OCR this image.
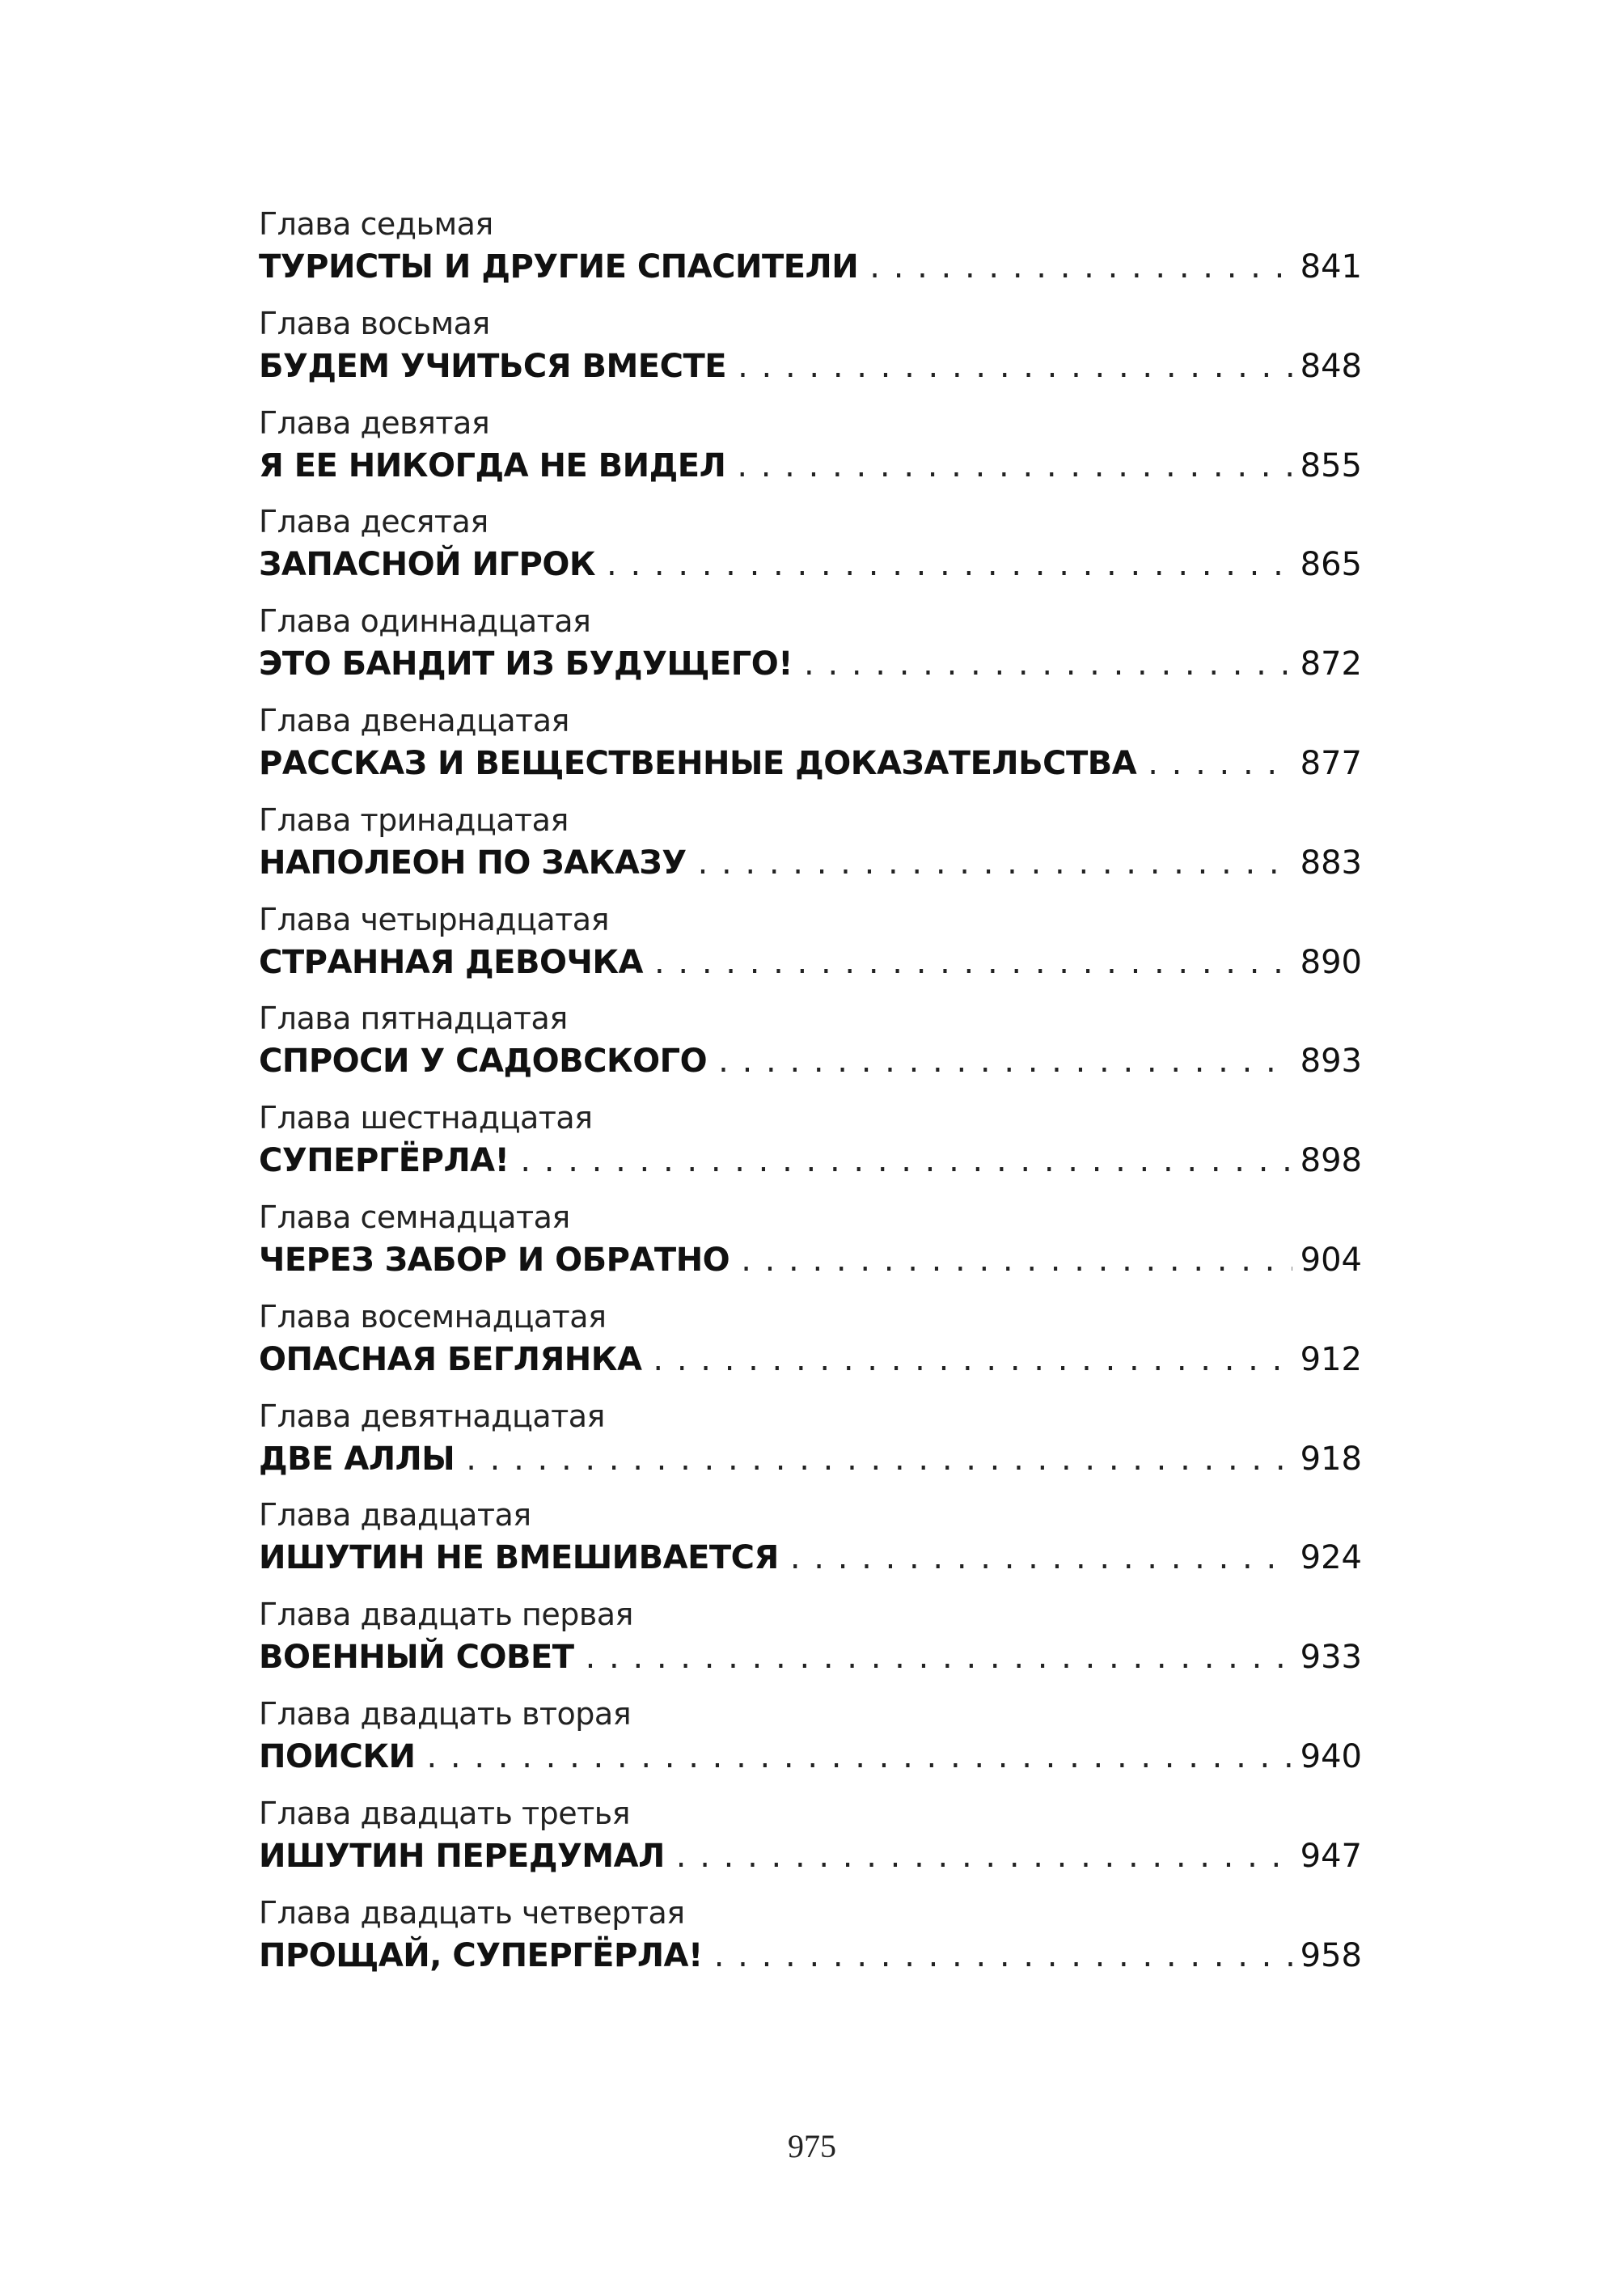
Глава седьмая
ТУРИСТЫ И ДРУГИЕ СПАСИТЕЛИ . . .	841
Глава восьмая
БУДЕМ УЧИТЬСЯ ВМЕСТЕ . . .	848
Глава девятая
Я ЕЕ НИКОГДА НЕ ВИДЕЛ . . .	855
Глава десятая
ЗАПАСНОЙ ИГРОК . . .	865
Глава одиннадцатая
ЭТО БАНДИТ ИЗ БУДУЩЕГО! . . .	872
Глава двенадцатая
РАССКАЗ И ВЕЩЕСТВЕННЫЕ ДОКАЗАТЕЛЬСТВА . . .	877
Глава тринадцатая
НАПОЛЕОН ПО ЗАКАЗУ . . .	883
Глава четырнадцатая
СТРАННАЯ ДЕВОЧКА . . .	890
Глава пятнадцатая
СПРОСИ У САДОВСКОГО . . .	893
Глава шестнадцатая
СУПЕРГЁРЛА! . . .	898
Глава семнадцатая
ЧЕРЕЗ ЗАБОР И ОБРАТНО . . .	904
Глава восемнадцатая
ОПАСНАЯ БЕГЛЯНКА . . .	912
Глава девятнадцатая
ДВЕ АЛЛЫ . . .	918
Глава двадцатая
ИШУТИН НЕ ВМЕШИВАЕТСЯ . . .	924
Глава двадцать первая
ВОЕННЫЙ СОВЕТ . . .	933
Глава двадцать вторая
ПОИСКИ . . .	940
Глава двадцать третья
ИШУТИН ПЕРЕДУМАЛ . . .	947
Глава двадцать четвертая
ПРОЩАЙ, СУПЕРГЁРЛА! . . .	958
975
